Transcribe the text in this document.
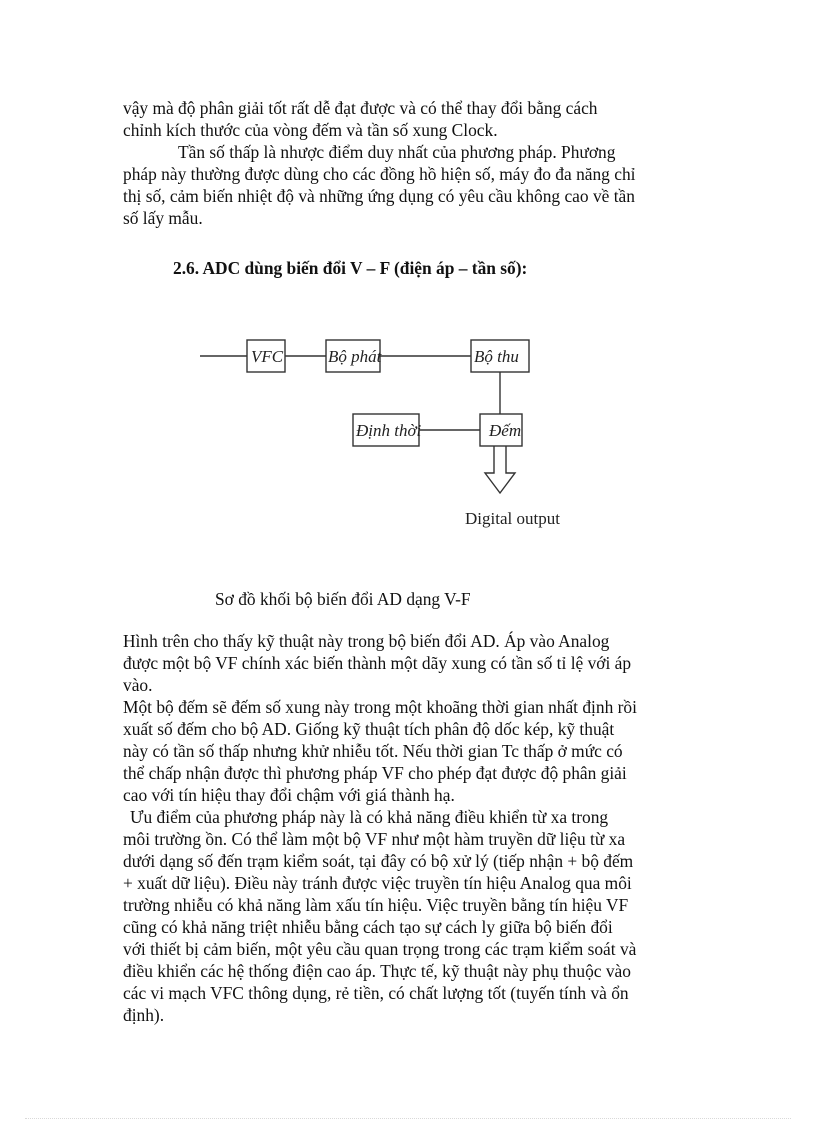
vậy mà độ phân giải tốt rất dễ đạt được và có thể thay đổi bằng cách
chỉnh kích thước của vòng đếm và tần số xung Clock.
Tần số thấp là nhược điểm duy nhất của phương pháp. Phương
pháp này thường được dùng cho các đồng hồ hiện số, máy đo đa năng chỉ
thị số, cảm biến nhiệt độ và những ứng dụng có yêu cầu không cao về tần
số lấy mẫu.
2.6. ADC dùng biến đổi V – F (điện áp – tần số):
VFC	Bộ phát	Bộ thu
Định thời	Đếm
Digital output
Sơ đồ khối bộ biến đổi AD dạng V-F
Hình trên cho thấy kỹ thuật này trong bộ biến đổi AD. Áp vào Analog
được một bộ VF chính xác biến thành một dãy xung có tần số tỉ lệ với áp
vào.
Một bộ đếm sẽ đếm số xung này trong một khoãng thời gian nhất định rồi
xuất số đếm cho bộ AD. Giống kỹ thuật tích phân độ dốc kép, kỹ thuật
này có tần số thấp nhưng khử nhiễu tốt. Nếu thời gian Tc thấp ở mức có
thể chấp nhận được thì phương pháp VF cho phép đạt được độ phân giải
cao với tín hiệu thay đổi chậm với giá thành hạ.
Ưu điểm của phương pháp này là có khả năng điều khiển từ xa trong
môi trường ồn. Có thể làm một bộ VF như một hàm truyền dữ liệu từ xa
dưới dạng số đến trạm kiểm soát, tại đây có bộ xử lý (tiếp nhận + bộ đếm
+ xuất dữ liệu). Điều này tránh được việc truyền tín hiệu Analog qua môi
trường nhiễu có khả năng làm xấu tín hiệu. Việc truyền bằng tín hiệu VF
cũng có khả năng triệt nhiễu bằng cách tạo sự cách ly giữa bộ biến đổi
với thiết bị cảm biến, một yêu cầu quan trọng trong các trạm kiểm soát và
điều khiển các hệ thống điện cao áp. Thực tế, kỹ thuật này phụ thuộc vào
các vi mạch VFC thông dụng, rẻ tiền, có chất lượng tốt (tuyến tính và ổn
định).
